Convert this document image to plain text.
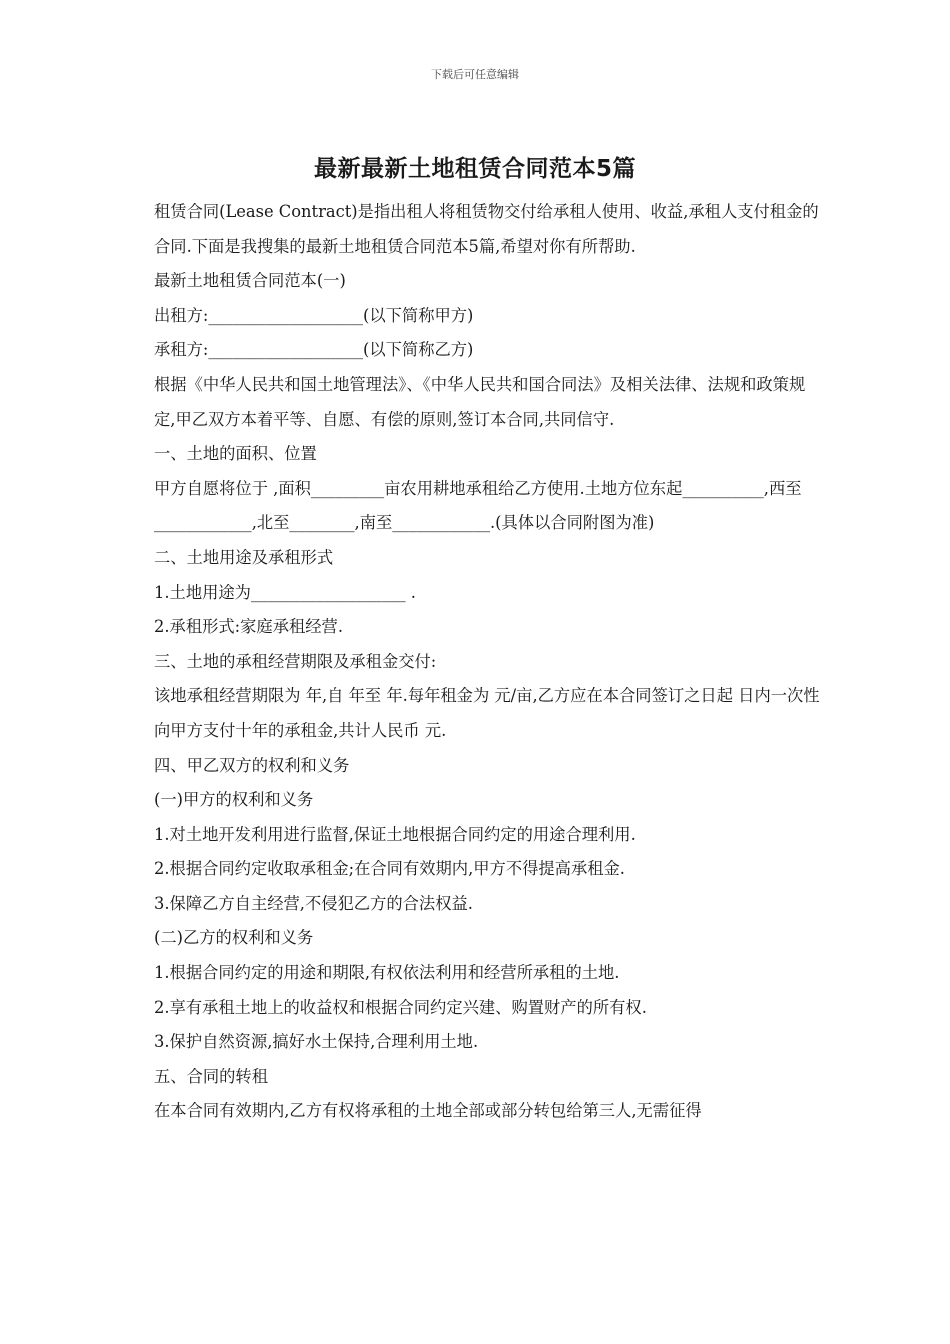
下载后可任意编辑
最新最新土地租赁合同范本5篇

租赁合同(Lease Contract)是指出租人将租赁物交付给承租人使用、收益,承租人支付租金的合同.下面是我搜集的最新土地租赁合同范本5篇,希望对你有所帮助.

最新土地租赁合同范本(一)

出租方:___________________(以下简称甲方)

承租方:___________________(以下简称乙方)

根据《中华人民共和国土地管理法》、《中华人民共和国合同法》及相关法律、法规和政策规定,甲乙双方本着平等、自愿、有偿的原则,签订本合同,共同信守.

一、土地的面积、位置

甲方自愿将位于 ,面积_________亩农用耕地承租给乙方使用.土地方位东起__________,西至____________,北至________,南至____________.(具体以合同附图为准)

二、土地用途及承租形式

1.土地用途为___________________ .

2.承租形式:家庭承租经营.

三、土地的承租经营期限及承租金交付:

该地承租经营期限为 年,自 年至 年.每年租金为 元/亩,乙方应在本合同签订之日起 日内一次性向甲方支付十年的承租金,共计人民币 元.

四、甲乙双方的权利和义务

(一)甲方的权利和义务

1.对土地开发利用进行监督,保证土地根据合同约定的用途合理利用.

2.根据合同约定收取承租金;在合同有效期内,甲方不得提高承租金.

3.保障乙方自主经营,不侵犯乙方的合法权益.

(二)乙方的权利和义务

1.根据合同约定的用途和期限,有权依法利用和经营所承租的土地.

2.享有承租土地上的收益权和根据合同约定兴建、购置财产的所有权.

3.保护自然资源,搞好水土保持,合理利用土地.

五、合同的转租

在本合同有效期内,乙方有权将承租的土地全部或部分转包给第三人,无需征得
